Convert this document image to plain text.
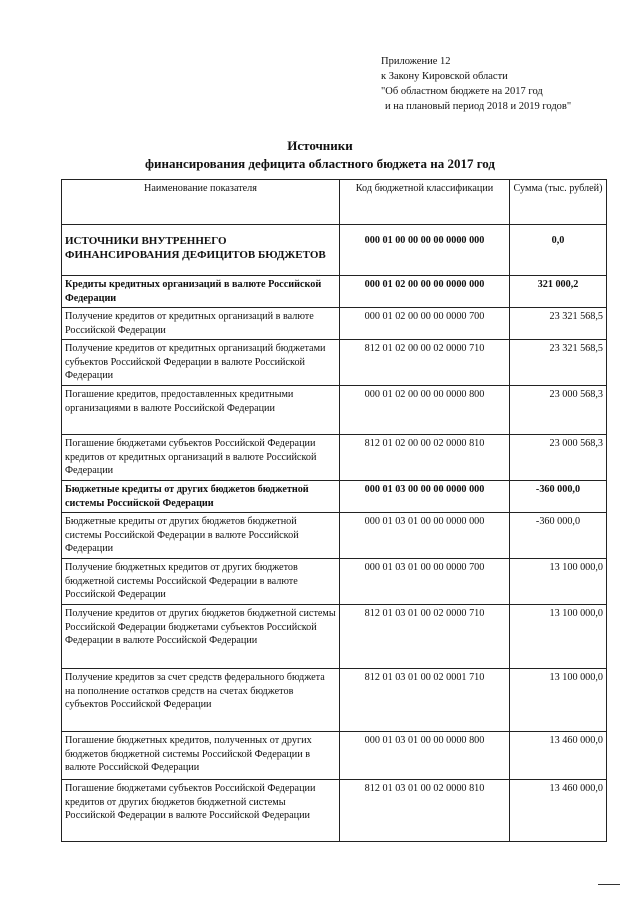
Приложение 12
к Закону Кировской области
"Об областном бюджете на 2017 год
и на плановый период 2018 и 2019 годов"
Источники
финансирования дефицита областного бюджета на 2017 год
Наименование показателя	Код бюджетной классификации	Сумма (тыс. рублей)
ИСТОЧНИКИ ВНУТРЕННЕГО ФИНАНСИРОВАНИЯ ДЕФИЦИТОВ БЮДЖЕТОВ	000 01 00 00 00 00 0000 000	0,0
Кредиты кредитных организаций в валюте Российской Федерации	000 01 02 00 00 00 0000 000	321 000,2
Получение кредитов от кредитных организаций в валюте Российской Федерации	000 01 02 00 00 00 0000 700	23 321 568,5
Получение кредитов от кредитных организаций бюджетами субъектов Российской Федерации в валюте Российской Федерации	812 01 02 00 00 02 0000 710	23 321 568,5
Погашение кредитов, предоставленных кредитными организациями в валюте Российской Федерации	000 01 02 00 00 00 0000 800	23 000 568,3
Погашение бюджетами субъектов Российской Федерации кредитов от кредитных организаций в валюте Российской Федерации	812 01 02 00 00 02 0000 810	23 000 568,3
Бюджетные кредиты от других бюджетов бюджетной системы Российской Федерации	000 01 03 00 00 00 0000 000	-360 000,0
Бюджетные кредиты от других бюджетов бюджетной системы Российской Федерации в валюте Российской Федерации	000 01 03 01 00 00 0000 000	-360 000,0
Получение бюджетных кредитов от других бюджетов бюджетной системы Российской Федерации в валюте Российской Федерации	000 01 03 01 00 00 0000 700	13 100 000,0
Получение кредитов от других бюджетов бюджетной системы Российской Федерации бюджетами субъектов Российской Федерации в валюте Российской Федерации	812 01 03 01 00 02 0000 710	13 100 000,0
Получение кредитов за счет средств федерального бюджета на пополнение остатков средств на счетах бюджетов субъектов Российской Федерации	812 01 03 01 00 02 0001 710	13 100 000,0
Погашение бюджетных кредитов, полученных от других бюджетов бюджетной системы Российской Федерации в валюте Российской Федерации	000 01 03 01 00 00 0000 800	13 460 000,0
Погашение бюджетами субъектов Российской Федерации кредитов от других бюджетов бюджетной системы Российской Федерации в валюте Российской Федерации	812 01 03 01 00 02 0000 810	13 460 000,0
